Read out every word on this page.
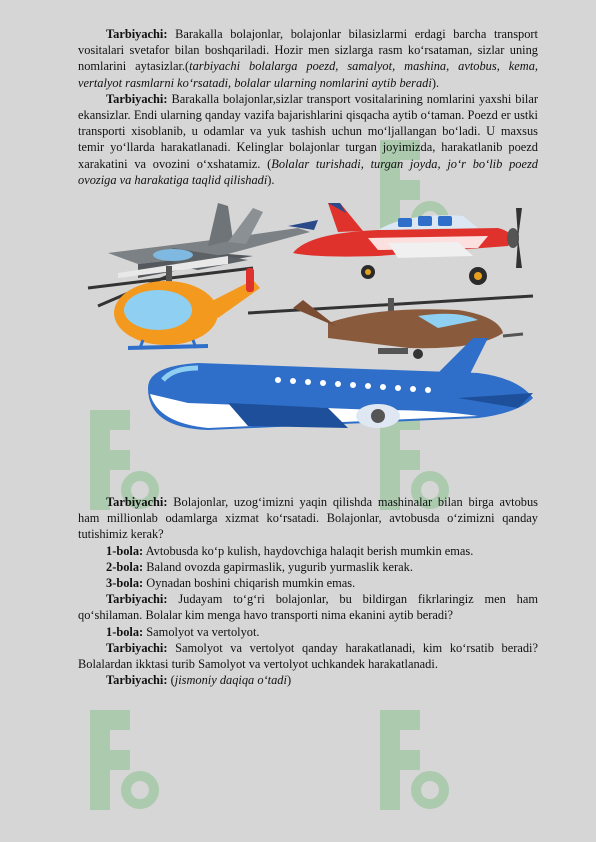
Tarbiyachi: Barakalla bolajonlar, bolajonlar bilasizlarmi erdagi barcha transport vositalari svetafor bilan boshqariladi. Hozir men sizlarga rasm ko‘rsataman, sizlar uning nomlarini aytasizlar.(tarbiyachi bolalarga poezd, samalyot, mashina, avtobus, kema, vertalyot rasmlarni ko‘rsatadi, bolalar ularning nomlarini aytib beradi).

Tarbiyachi: Barakalla bolajonlar,sizlar transport vositalarining nomlarini yaxshi bilar ekansizlar. Endi ularning qanday vazifa bajarishlarini qisqacha aytib o‘taman. Poezd er ustki transporti xisoblanib, u odamlar va yuk tashish uchun mo‘ljallangan bo‘ladi. U maxsus temir yo‘llarda harakatlanadi. Kelinglar bolajonlar turgan joyimizda, harakatlanib poezd xarakatini va ovozini o‘xshatamiz. (Bolalar turishadi, turgan joyda, jo‘r bo‘lib poezd ovoziga va harakatiga taqlid qilishadi).

Tarbiyachi: Bolajonlar, uzog‘imizni yaqin qilishda mashinalar bilan birga avtobus ham millionlab odamlarga xizmat ko‘rsatadi. Bolajonlar, avtobusda o‘zimizni qanday tutishimiz kerak?

1-bola: Avtobusda ko‘p kulish, haydovchiga halaqit berish mumkin emas.

2-bola: Baland ovozda gapirmaslik, yugurib yurmaslik kerak.

3-bola: Oynadan boshini chiqarish mumkin emas.

Tarbiyachi: Judayam to‘g‘ri bolajonlar, bu bildirgan fikrlaringiz men ham qo‘shilaman. Bolalar kim menga havo transporti nima ekanini aytib beradi?

1-bola: Samolyot va vertolyot.

Tarbiyachi: Samolyot va vertolyot qanday harakatlanadi, kim ko‘rsatib beradi? Bolalardan ikktasi turib Samolyot va vertolyot uchkandek harakatlanadi.

Tarbiyachi: (jismoniy daqiqa o‘tadi)
